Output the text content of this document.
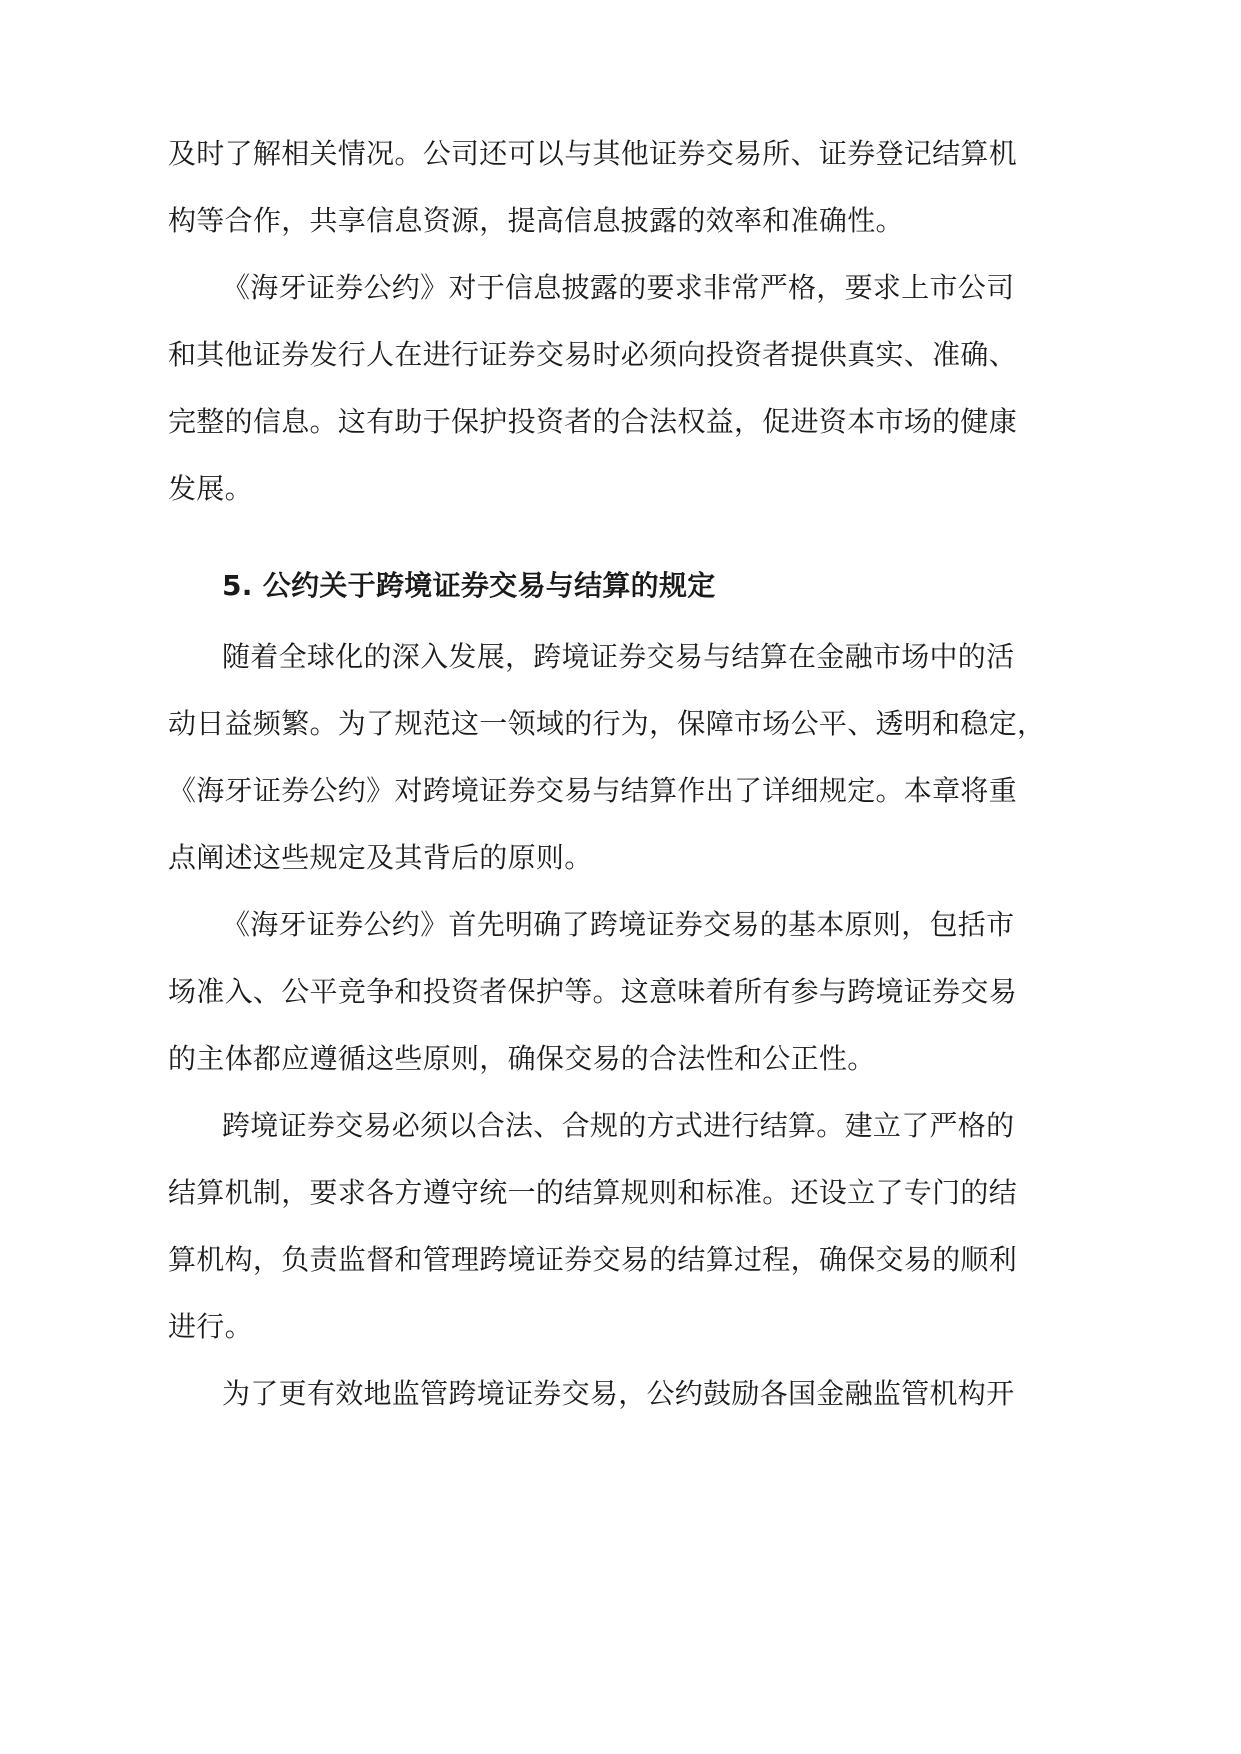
及时了解相关情况。公司还可以与其他证券交易所、证券登记结算机
构等合作，共享信息资源，提高信息披露的效率和准确性。
《海牙证券公约》对于信息披露的要求非常严格，要求上市公司
和其他证券发行人在进行证券交易时必须向投资者提供真实、准确、
完整的信息。这有助于保护投资者的合法权益，促进资本市场的健康
发展。
5. 公约关于跨境证券交易与结算的规定
随着全球化的深入发展，跨境证券交易与结算在金融市场中的活
动日益频繁。为了规范这一领域的行为，保障市场公平、透明和稳定，
《海牙证券公约》对跨境证券交易与结算作出了详细规定。本章将重
点阐述这些规定及其背后的原则。
《海牙证券公约》首先明确了跨境证券交易的基本原则，包括市
场准入、公平竞争和投资者保护等。这意味着所有参与跨境证券交易
的主体都应遵循这些原则，确保交易的合法性和公正性。
跨境证券交易必须以合法、合规的方式进行结算。建立了严格的
结算机制，要求各方遵守统一的结算规则和标准。还设立了专门的结
算机构，负责监督和管理跨境证券交易的结算过程，确保交易的顺利
进行。
为了更有效地监管跨境证券交易，公约鼓励各国金融监管机构开
